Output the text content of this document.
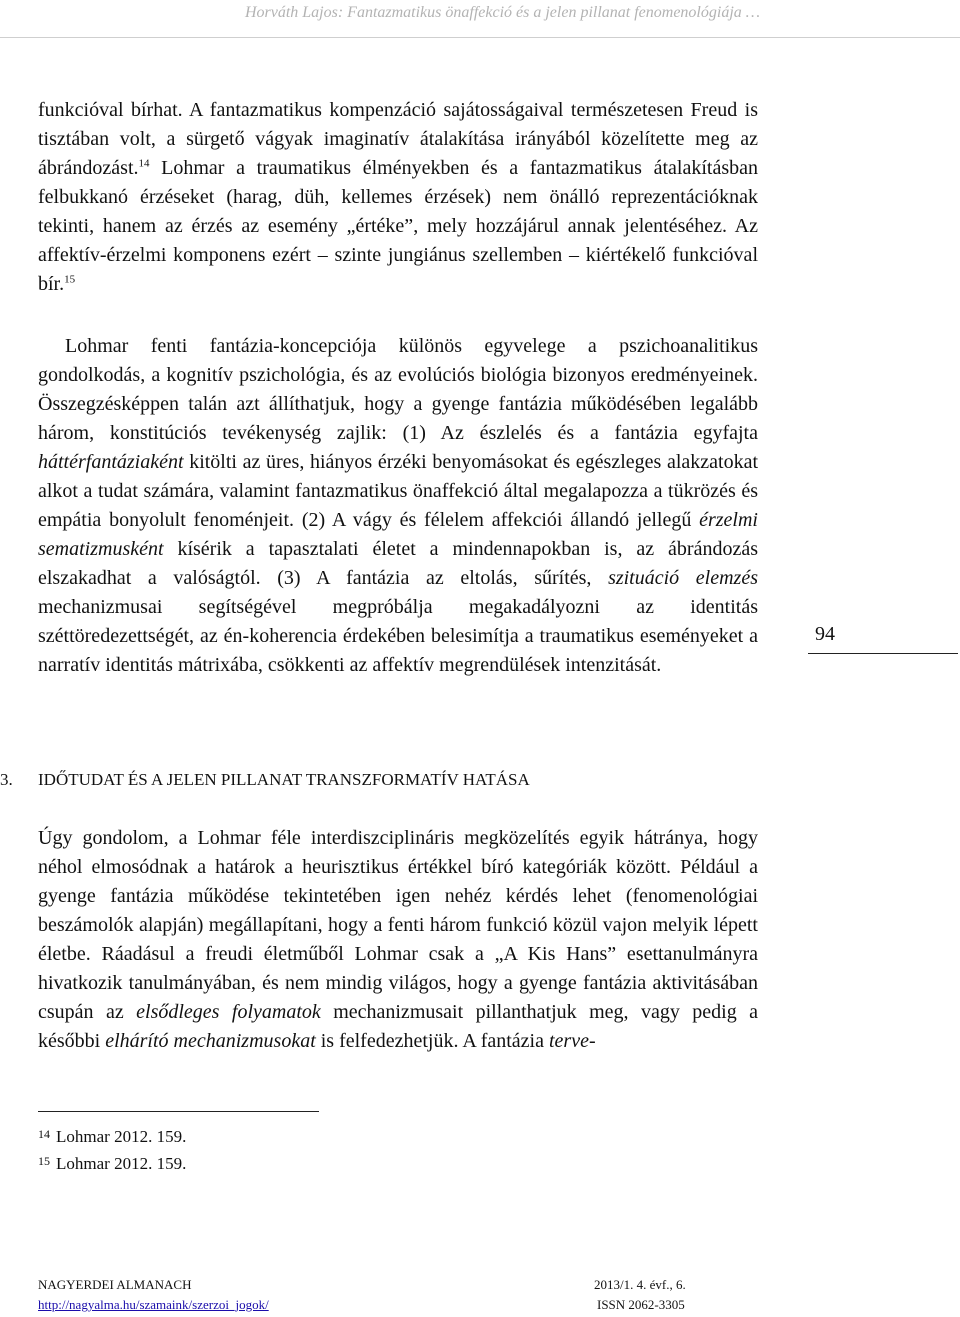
Horváth Lajos: Fantazmatikus önaffekció és a jelen pillanat fenomenológiája …

funkcióval bírhat. A fantazmatikus kompenzáció sajátosságaival természetesen Freud is tisztában volt, a sürgető vágyak imaginatív átalakítása irányából közelítette meg az ábrándozást.$^{14}$ Lohmar a traumatikus élményekben és a fantazmatikus átalakításban felbukkanó érzéseket (harag, düh, kellemes érzések) nem önálló reprezentációknak tekinti, hanem az érzés az esemény „értéke”, mely hozzájárul annak jelentéséhez. Az affektív-érzelmi komponens ezért – szinte jungiánus szellemben – kiértékelő funkcióval bír.$^{15}$

Lohmar fenti fantázia-koncepciója különös egyvelege a pszichoanalitikus gondolkodás, a kognitív pszichológia, és az evolúciós biológia bizonyos eredményeinek. Összegzésképpen talán azt állíthatjuk, hogy a gyenge fantázia működésében legalább három, konstitúciós tevékenység zajlik: (1) Az észlelés és a fantázia egyfajta háttérfantáziaként kitölti az üres, hiányos érzéki benyomásokat és egészleges alakzatokat alkot a tudat számára, valamint fantazmatikus önaffekció által megalapozza a tükrözés és empátia bonyolult fenoménjeit. (2) A vágy és félelem affekciói állandó jellegű érzelmi sematizmusként kísérik a tapasztalati életet a mindennapokban is, az ábrándozás elszakadhat a valóságtól. (3) A fantázia az eltolás, sűrítés, szituáció elemzés mechanizmusai segítségével megpróbálja megakadályozni az identitás széttöredezettségét, az én-koherencia érdekében belesimítja a traumatikus eseményeket a narratív identitás mátrixába, csökkenti az affektív megrendülések intenzitását.

94
3. IDŐTUDAT ÉS A JELEN PILLANAT TRANSZFORMATÍV HATÁSA

Úgy gondolom, a Lohmar féle interdiszciplináris megközelítés egyik hátránya, hogy néhol elmosódnak a határok a heurisztikus értékkel bíró kategóriák között. Például a gyenge fantázia működése tekintetében igen nehéz kérdés lehet (fenomenológiai beszámolók alapján) megállapítani, hogy a fenti három funkció közül vajon melyik lépett életbe. Ráadásul a freudi életműből Lohmar csak a „A Kis Hans” esettanulmányra hivatkozik tanulmányában, és nem mindig világos, hogy a gyenge fantázia aktivitásában csupán az elsődleges folyamatok mechanizmusait pillanthatjuk meg, vagy pedig a későbbi elhárító mechanizmusokat is felfedezhetjük. A fantázia terve-

$^{14}$ Lohmar 2012. 159.
$^{15}$ Lohmar 2012. 159.
NAGYERDEI ALMANACH
http://nagyalma.hu/szamaink/szerzoi_jogok/
2013/1. 4. évf., 6.
ISSN 2062-3305
